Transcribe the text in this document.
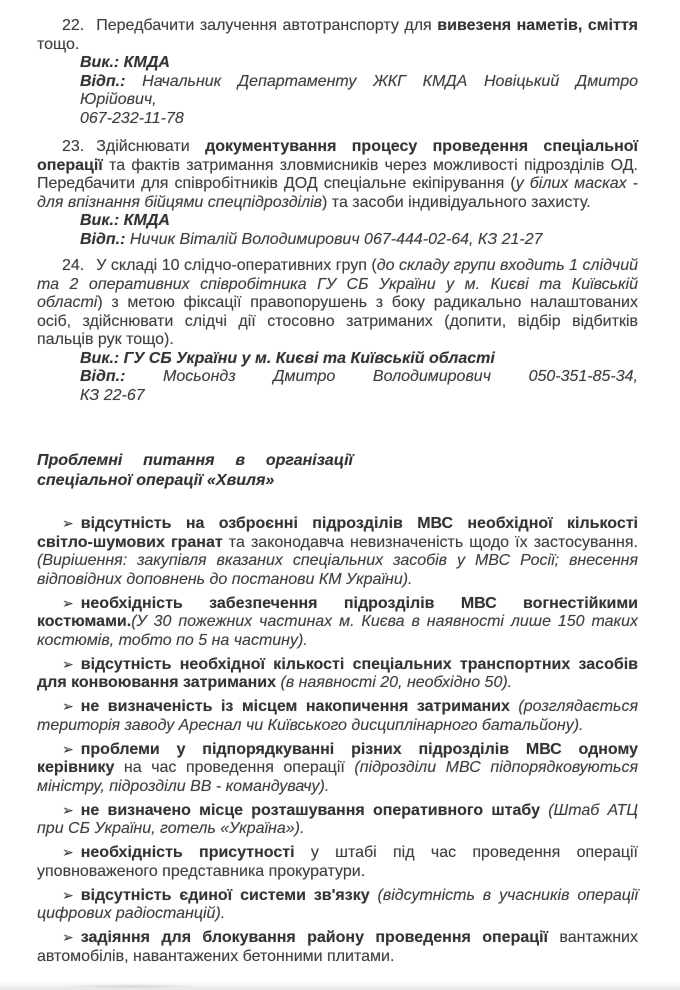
22. Передбачити залучення автотранспорту для вивезеня наметів, сміття
тощо.
Вик.: КМДА
Відп.: Начальник Департаменту ЖКГ КМДА Новіцький Дмитро Юрійович,
067-232-11-78
23. Здійснювати документування процесу проведення спеціальної операції та фактів затримання зловмисників через можливості підрозділів ОД. Передбачити для співробітників ДОД спеціальне екіпірування (у білих масках - для впізнання бійцями спецпідрозділів) та засоби індивідуального захисту.
Вик.: КМДА
Відп.: Ничик Віталій Володимирович 067-444-02-64, КЗ 21-27
24. У складі 10 слідчо-оперативних груп (до складу групи входить 1 слідчий та 2 оперативних співробітника ГУ СБ України у м. Києві та Київській області) з метою фіксації правопорушень з боку радикально налаштованих осіб, здійснювати слідчі дії стосовно затриманих (допити, відбір відбитків пальців рук тощо).
Вик.: ГУ СБ України у м. Києві та Київській області
Відп.: Мосьондз Дмитро Володимирович 050-351-85-34,
КЗ 22-67
Проблемні питання в організації
спеціальної операції «Хвиля»
➢ відсутність на озброєнні підрозділів МВС необхідної кількості світло-шумових гранат та законодавча невизначеність щодо їх застосування. (Вирішення: закупівля вказаних спеціальних засобів у МВС Росії; внесення відповідних доповнень до постанови КМ України).
➢ необхідність забезпечення підрозділів МВС вогнестійкими костюмами.(У 30 пожежних частинах м. Києва в наявності лише 150 таких костюмів, тобто по 5 на частину).
➢ відсутність необхідної кількості спеціальних транспортних засобів для конвоювання затриманих (в наявності 20, необхідно 50).
➢ не визначеність із місцем накопичення затриманих (розглядається територія заводу Ареснал чи Київського дисциплінарного батальйону).
➢ проблеми у підпорядкуванні різних підрозділів МВС одному керівнику на час проведення операції (підрозділи МВС підпорядковуються міністру, підрозділи ВВ - командувачу).
➢ не визначено місце розташування оперативного штабу (Штаб АТЦ при СБ України, готель «Україна»).
➢ необхідність присутності у штабі під час проведення операції уповноваженого представника прокуратури.
➢ відсутність єдиної системи зв'язку (відсутність в учасників операції цифрових радіостанцій).
➢ задіяння для блокування району проведення операції вантажних автомобілів, навантажених бетонними плитами.
